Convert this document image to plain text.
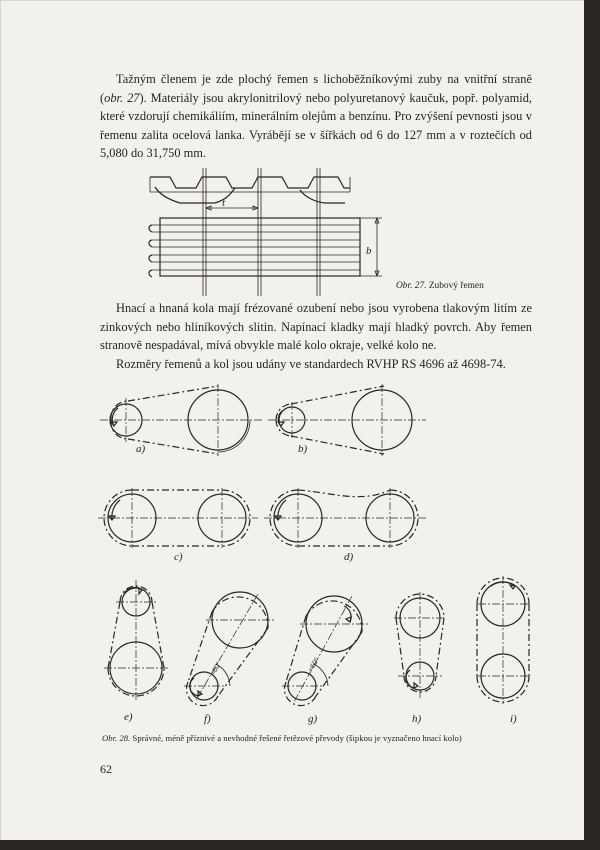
Tažným členem je zde plochý řemen s lichoběžníkovými zuby na vnitřní straně (obr. 27). Materiály jsou akrylonitrilový nebo polyuretanový kaučuk, popř. polyamid, které vzdorují chemikáliím, minerálním olejům a benzínu. Pro zvýšení pevnosti jsou v řemenu zalita ocelová lanka. Vyrábějí se v šířkách od 6 do 127 mm a v roztečích od 5,080 do 31,750 mm.

t
b
Obr. 27. Zubový řemen

Hnací a hnaná kola mají frézované ozubení nebo jsou vyrobena tlakovým litím ze zinkových nebo hliníkových slitin. Napínací kladky mají hladký povrch. Aby řemen stranově nespadával, mívá obvykle malé kolo okraje, velké kolo ne.

Rozměry řemenů a kol jsou udány ve standardech RVHP RS 4696 až 4698-74.

a)	b)
c)	d)
e)
≈60°
f)
≈60°
g)	h)	i)
Obr. 28. Správné, méně příznivé a nevhodné řešené řetězové převody (šipkou je vyznačeno hnací kolo)
62
